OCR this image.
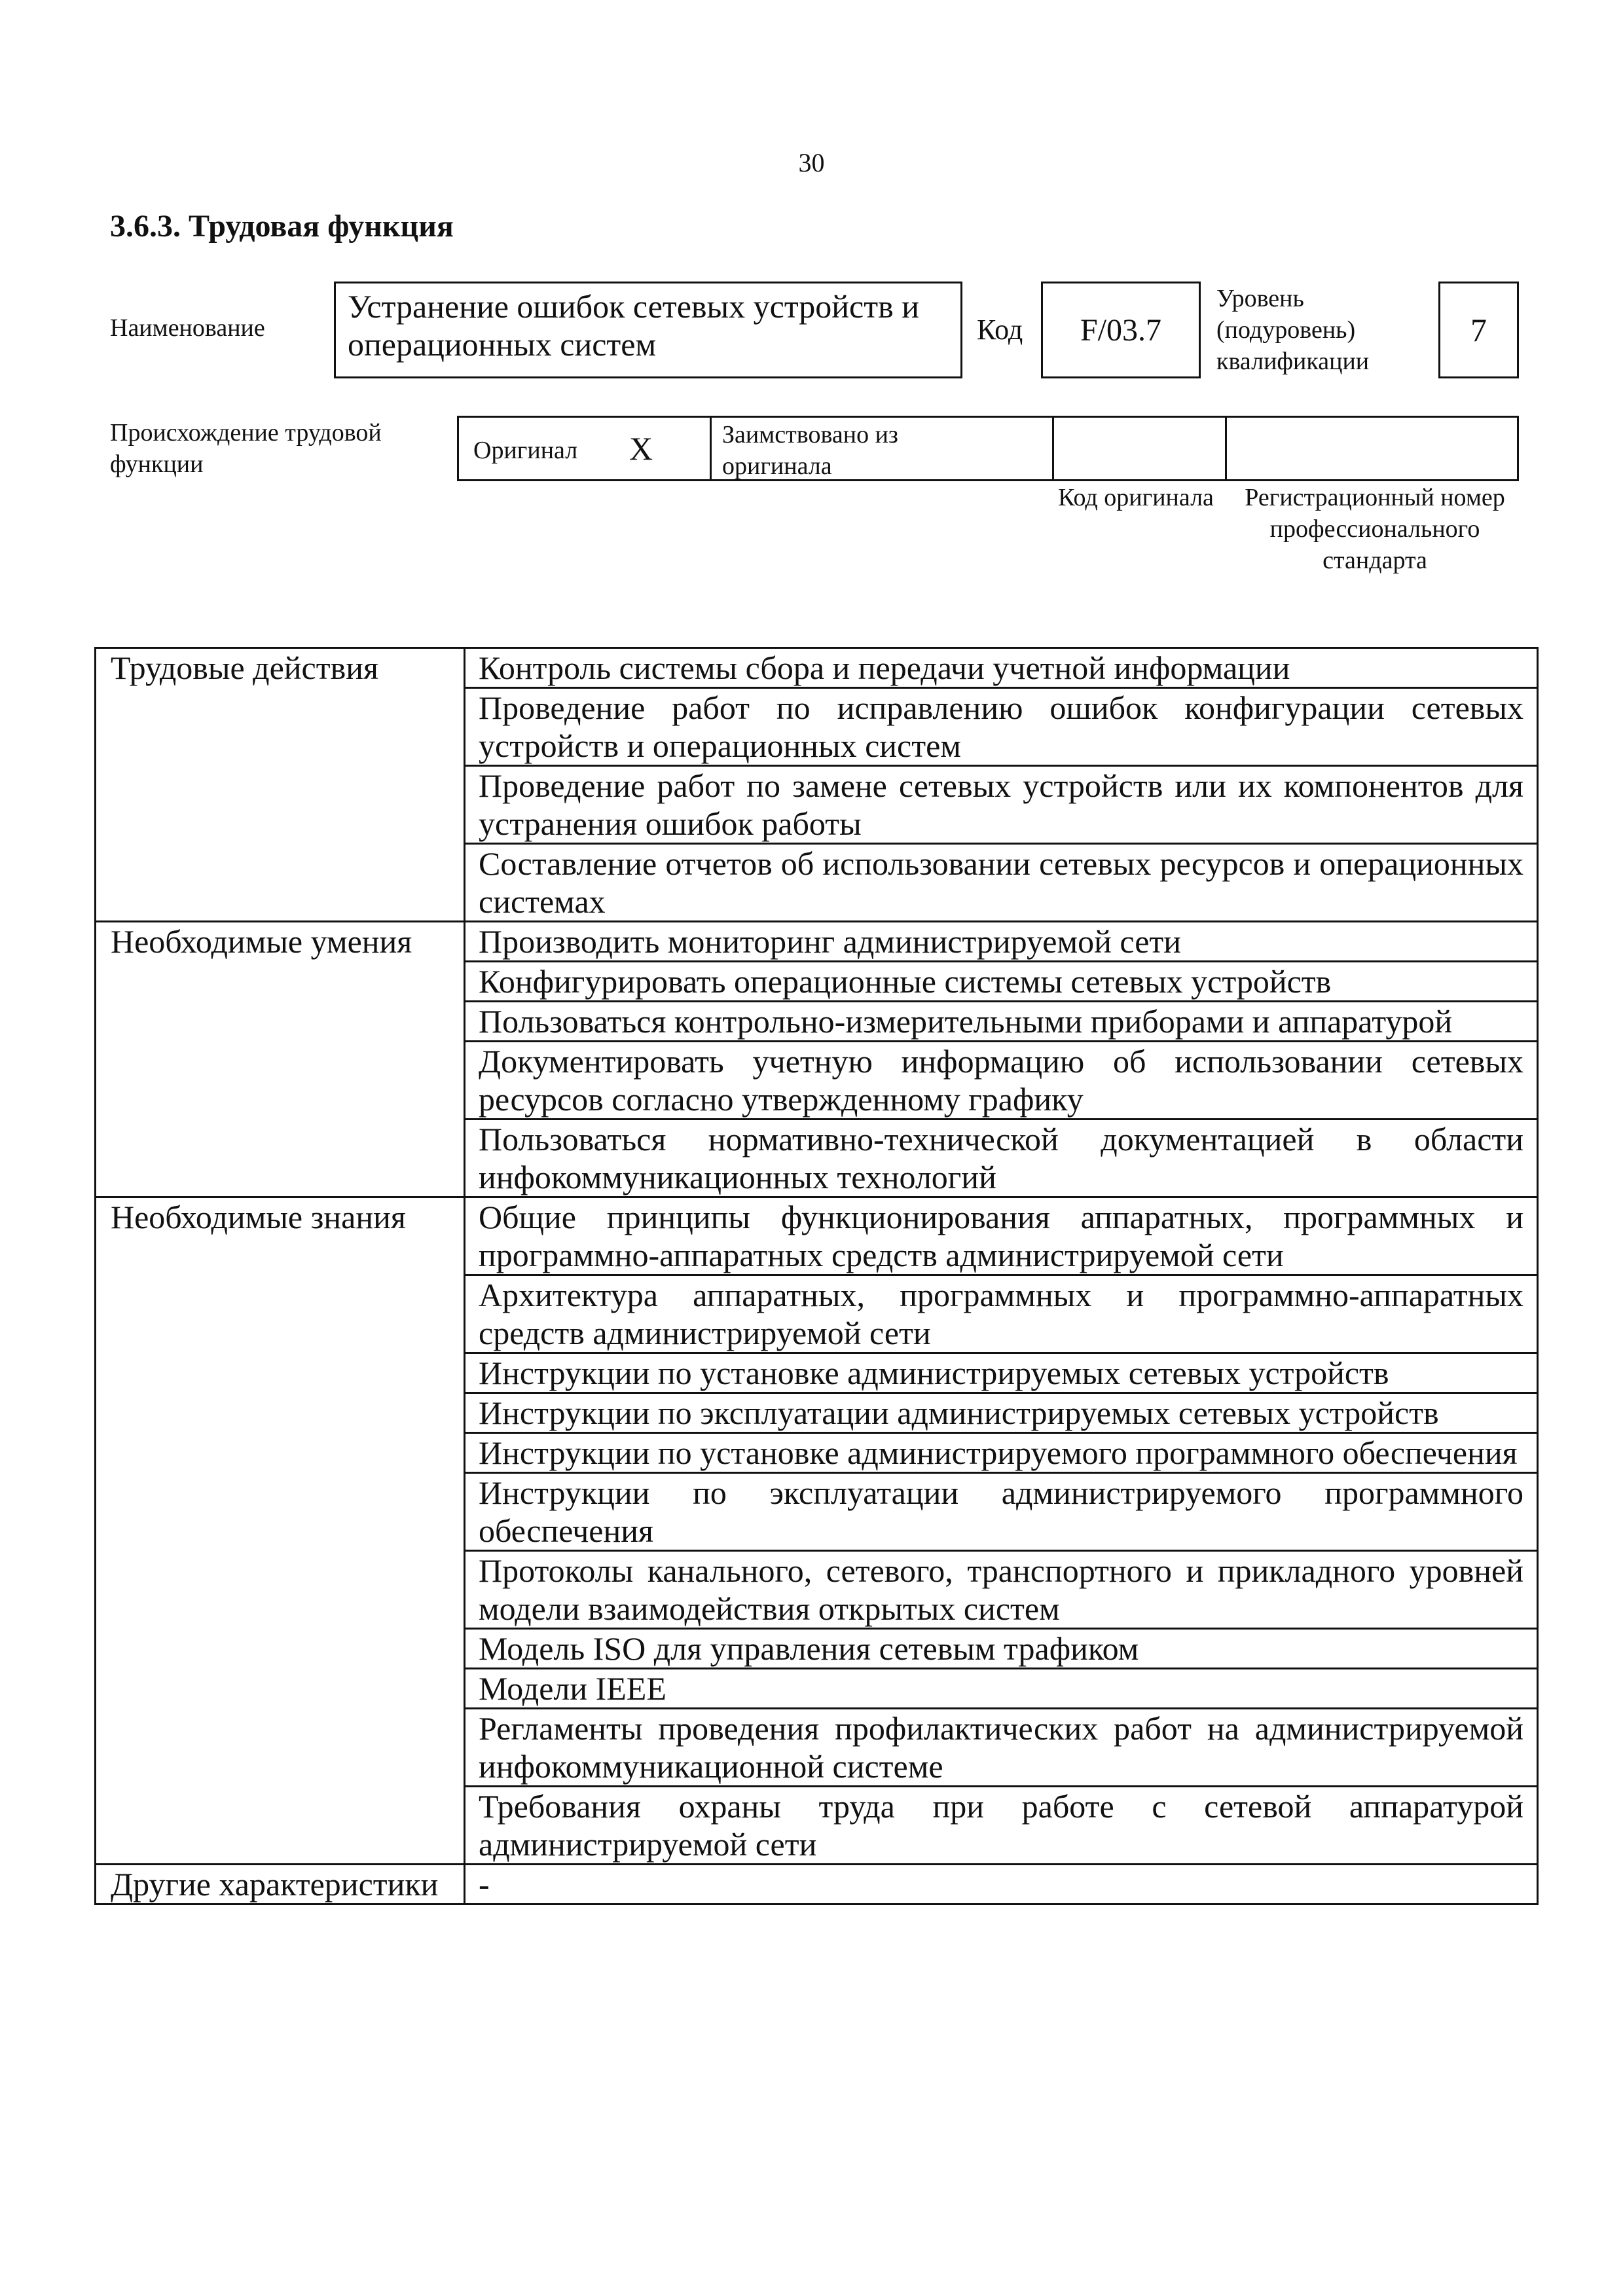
30
3.6.3. Трудовая функция
Наименование
Устранение ошибок сетевых устройств и операционных систем	Код F/03.7
Уровень (подуровень) квалификации
7
Происхождение трудовой функции	Оригинал X	Заимствовано из оригинала
Код оригинала	Регистрационный номер профессионального стандарта
Трудовые действия	Контроль системы сбора и передачи учетной информации
	Проведение работ по исправлению ошибок конфигурации сетевых устройств и операционных систем
	Проведение работ по замене сетевых устройств или их компонентов для устранения ошибок работы
	Составление отчетов об использовании сетевых ресурсов и операционных системах
Необходимые умения	Производить мониторинг администрируемой сети
	Конфигурировать операционные системы сетевых устройств
	Пользоваться контрольно-измерительными приборами и аппаратурой
	Документировать учетную информацию об использовании сетевых ресурсов согласно утвержденному графику
	Пользоваться нормативно-технической документацией в области инфокоммуникационных технологий
Необходимые знания	Общие принципы функционирования аппаратных, программных и программно-аппаратных средств администрируемой сети
	Архитектура аппаратных, программных и программно-аппаратных средств администрируемой сети
	Инструкции по установке администрируемых сетевых устройств
	Инструкции по эксплуатации администрируемых сетевых устройств
	Инструкции по установке администрируемого программного обеспечения
	Инструкции по эксплуатации администрируемого программного обеспечения
	Протоколы канального, сетевого, транспортного и прикладного уровней модели взаимодействия открытых систем
	Модель ISO для управления сетевым трафиком
	Модели IEEE
	Регламенты проведения профилактических работ на администрируемой инфокоммуникационной системе
	Требования охраны труда при работе с сетевой аппаратурой администрируемой сети
Другие характеристики	-
